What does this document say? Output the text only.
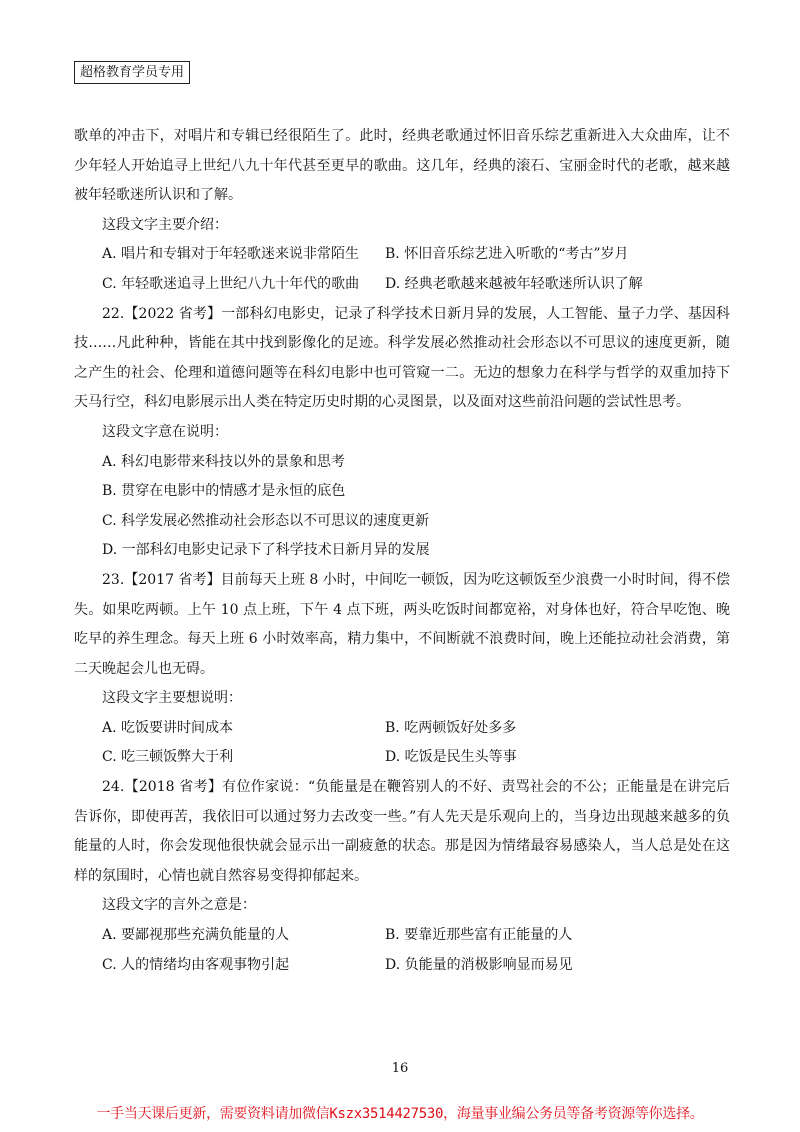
超格教育学员专用

歌单的冲击下，对唱片和专辑已经很陌生了。此时，经典老歌通过怀旧音乐综艺重新进入大众曲库，让不少年轻人开始追寻上世纪八九十年代甚至更早的歌曲。这几年，经典的滚石、宝丽金时代的老歌，越来越被年轻歌迷所认识和了解。

这段文字主要介绍：

A. 唱片和专辑对于年轻歌迷来说非常陌生	B. 怀旧音乐综艺进入听歌的“考古”岁月
C. 年轻歌迷追寻上世纪八九十年代的歌曲	D. 经典老歌越来越被年轻歌迷所认识了解

22.【2022 省考】一部科幻电影史，记录了科学技术日新月异的发展，人工智能、量子力学、基因科技……凡此种种，皆能在其中找到影像化的足迹。科学发展必然推动社会形态以不可思议的速度更新，随之产生的社会、伦理和道德问题等在科幻电影中也可管窥一二。无边的想象力在科学与哲学的双重加持下天马行空，科幻电影展示出人类在特定历史时期的心灵图景，以及面对这些前沿问题的尝试性思考。

这段文字意在说明：

A. 科幻电影带来科技以外的景象和思考
B. 贯穿在电影中的情感才是永恒的底色
C. 科学发展必然推动社会形态以不可思议的速度更新
D. 一部科幻电影史记录下了科学技术日新月异的发展

23.【2017 省考】目前每天上班 8 小时，中间吃一顿饭，因为吃这顿饭至少浪费一小时时间，得不偿失。如果吃两顿。上午 10 点上班，下午 4 点下班，两头吃饭时间都宽裕，对身体也好，符合早吃饱、晚吃早的养生理念。每天上班 6 小时效率高，精力集中，不间断就不浪费时间，晚上还能拉动社会消费，第二天晚起会儿也无碍。

这段文字主要想说明：

A. 吃饭要讲时间成本	B. 吃两顿饭好处多多
C. 吃三顿饭弊大于利	D. 吃饭是民生头等事

24.【2018 省考】有位作家说：“负能量是在鞭笞别人的不好、责骂社会的不公；正能量是在讲完后告诉你，即使再苦，我依旧可以通过努力去改变一些。”有人先天是乐观向上的，当身边出现越来越多的负能量的人时，你会发现他很快就会显示出一副疲惫的状态。那是因为情绪最容易感染人，当人总是处在这样的氛围时，心情也就自然容易变得抑郁起来。

这段文字的言外之意是：

A. 要鄙视那些充满负能量的人	B. 要靠近那些富有正能量的人
C. 人的情绪均由客观事物引起	D. 负能量的消极影响显而易见
16
一手当天课后更新，需要资料请加微信Kszx3514427530，海量事业编公务员等备考资源等你选择。
